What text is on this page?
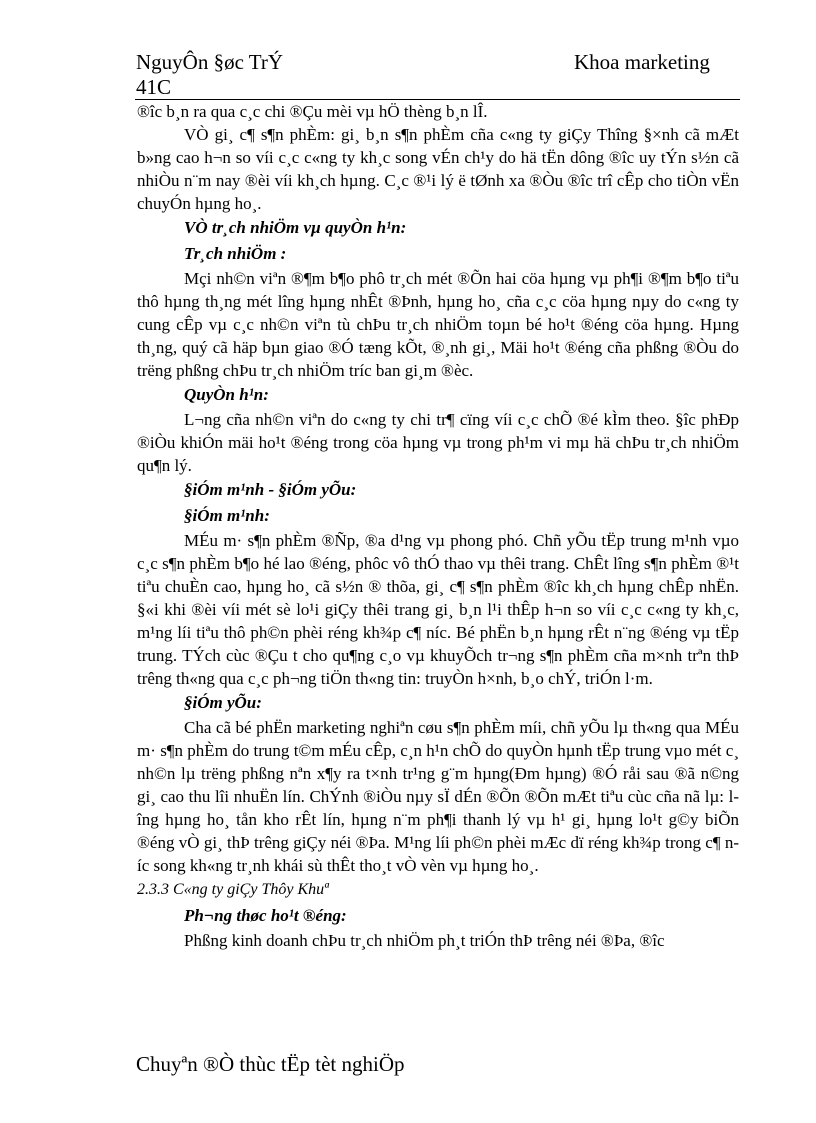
NguyÔn §øc TrÝ	Khoa marketing
41C

®îc b¸n ra qua c¸c chi ®Çu mèi vµ hÖ thèng b¸n lÎ.

VÒ gi¸ c¶ s¶n phÈm: gi¸ b¸n s¶n phÈm cña c«ng ty giÇy Thîng §×nh cã mÆt b»ng cao h¬n so víi c¸c c«ng ty kh¸c song vÉn ch¹y do hä tËn dông ®îc uy tÝn s½n cã nhiÒu n¨m nay ®èi víi kh¸ch hµng. C¸c ®¹i lý ë tØnh xa ®Òu ®îc trî cÊp cho tiÒn vËn chuyÓn hµng ho¸.

VÒ tr¸ch nhiÖm vµ quyÒn h¹n:

Tr¸ch nhiÖm :

Mçi nh©n viªn ®¶m b¶o phô tr¸ch mét ®Õn hai cöa hµng vµ ph¶i ®¶m b¶o tiªu thô hµng th¸ng mét lîng hµng nhÊt ®Þnh, hµng ho¸ cña c¸c cöa hµng nµy do c«ng ty cung cÊp vµ c¸c nh©n viªn tù chÞu tr¸ch nhiÖm toµn bé ho¹t ®éng cöa hµng. Hµng th¸ng, quý cã häp bµn giao ®Ó tæng kÕt, ®¸nh gi¸, Mäi ho¹t ®éng cña phßng ®Òu do trëng phßng chÞu tr¸ch nhiÖm tríc ban gi¸m ®èc.

QuyÒn h¹n:

L¬ng cña nh©n viªn do c«ng ty chi tr¶ cïng víi c¸c chÕ ®é kÌm theo. §îc phÐp ®iÒu khiÓn mäi ho¹t ®éng trong cöa hµng vµ trong ph¹m vi mµ hä chÞu tr¸ch nhiÖm qu¶n lý.

§iÓm m¹nh - §iÓm yÕu:

§iÓm m¹nh:

MÉu m· s¶n phÈm ®Ñp, ®a d¹ng vµ phong phó. Chñ yÕu tËp trung m¹nh vµo c¸c s¶n phÈm b¶o hé lao ®éng, phôc vô thÓ thao vµ thêi trang. ChÊt lîng s¶n phÈm ®¹t tiªu chuÈn cao, hµng ho¸ cã s½n ® thõa, gi¸ c¶ s¶n phÈm ®îc kh¸ch hµng chÊp nhËn. §«i khi ®èi víi mét sè lo¹i giÇy thêi trang gi¸ b¸n l¹i thÊp h¬n so víi c¸c c«ng ty kh¸c, m¹ng líi tiªu thô ph©n phèi réng kh¾p c¶ níc. Bé phËn b¸n hµng rÊt n¨ng ®éng vµ tËp trung. TÝch cùc ®Çu t cho qu¶ng c¸o vµ khuyÕch tr¬ng s¶n phÈm cña m×nh trªn thÞ trêng th«ng qua c¸c ph¬ng tiÖn th«ng tin: truyÒn h×nh, b¸o chÝ, triÓn l·m.

§iÓm yÕu:

Cha cã bé phËn marketing nghiªn cøu s¶n phÈm míi, chñ yÕu lµ th«ng qua MÉu m· s¶n phÈm do trung t©m mÉu cÊp, c¸n h¹n chÕ do quyÒn hµnh tËp trung vµo mét c¸ nh©n lµ trëng phßng nªn x¶y ra t×nh tr¹ng g¨m hµng(Ðm hµng) ®Ó råi sau ®ã n©ng gi¸ cao thu lîi nhuËn lín. ChÝnh ®iÒu nµy sÏ dÉn ®Õn ®Õn mÆt tiªu cùc cña nã lµ: lîng hµng ho¸ tån kho rÊt lín, hµng n¨m ph¶i thanh lý vµ h¹ gi¸ hµng lo¹t g©y biÕn ®éng vÒ gi¸ thÞ trêng giÇy néi ®Þa. M¹ng líi ph©n phèi mÆc dï réng kh¾p trong c¶ níc song kh«ng tr¸nh khái sù thÊt tho¸t vÒ vèn vµ hµng ho¸.

2.3.3 C«ng ty giÇy Thôy Khuª

Ph¬ng thøc ho¹t ®éng:

Phßng kinh doanh chÞu tr¸ch nhiÖm ph¸t triÓn thÞ trêng néi ®Þa, ®îc

Chuyªn ®Ò thùc tËp tèt nghiÖp
